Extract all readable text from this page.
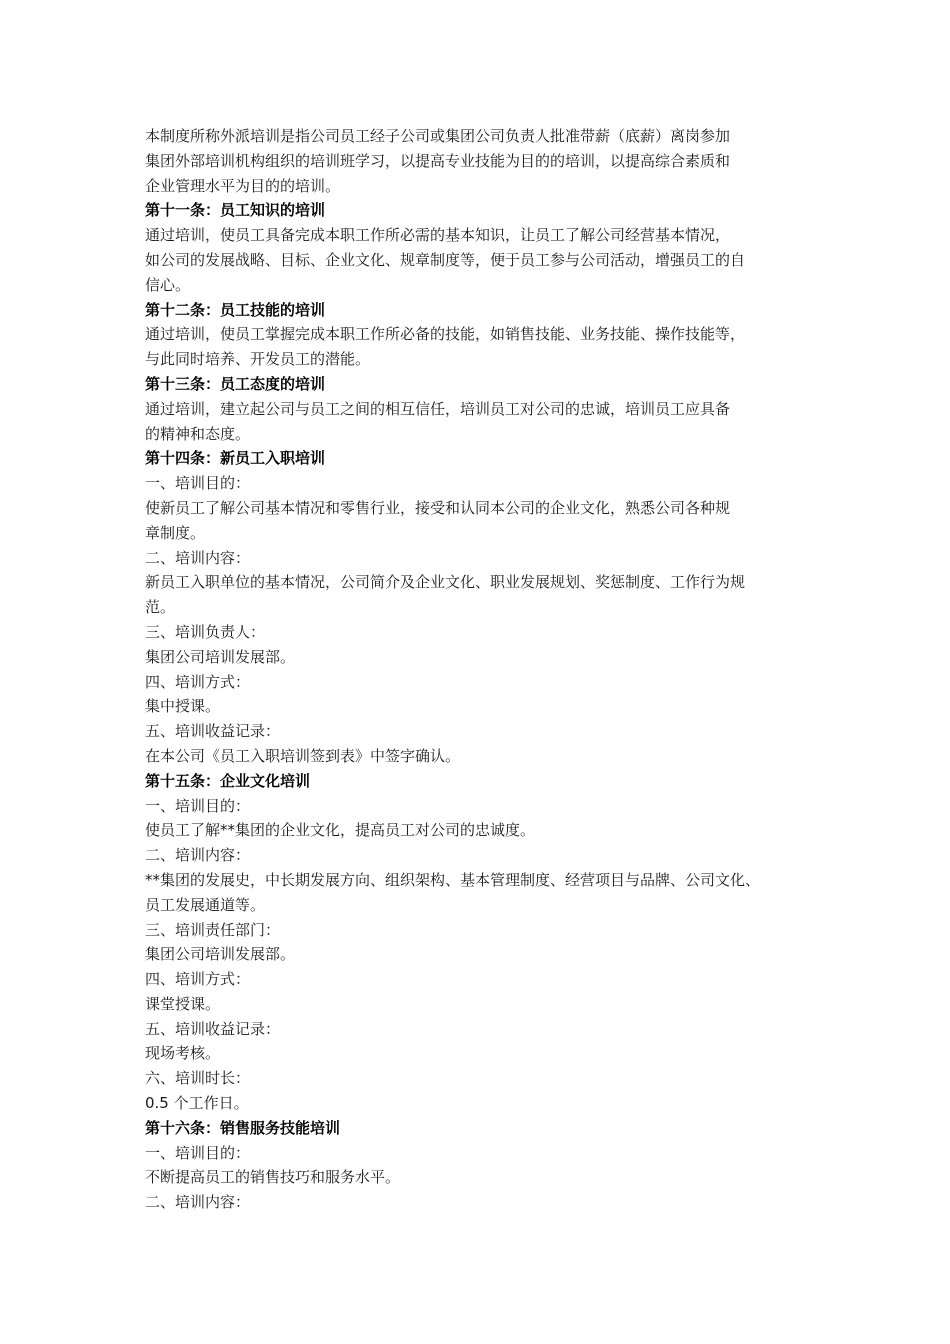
本制度所称外派培训是指公司员工经子公司或集团公司负责人批准带薪（底薪）离岗参加
集团外部培训机构组织的培训班学习，以提高专业技能为目的的培训，以提高综合素质和
企业管理水平为目的的培训。
第十一条：员工知识的培训
通过培训，使员工具备完成本职工作所必需的基本知识，让员工了解公司经营基本情况，
如公司的发展战略、目标、企业文化、规章制度等，便于员工参与公司活动，增强员工的自
信心。
第十二条：员工技能的培训
通过培训，使员工掌握完成本职工作所必备的技能，如销售技能、业务技能、操作技能等，
与此同时培养、开发员工的潜能。
第十三条：员工态度的培训
通过培训，建立起公司与员工之间的相互信任，培训员工对公司的忠诚，培训员工应具备
的精神和态度。
第十四条：新员工入职培训
一、培训目的：
使新员工了解公司基本情况和零售行业，接受和认同本公司的企业文化，熟悉公司各种规
章制度。
二、培训内容：
新员工入职单位的基本情况，公司简介及企业文化、职业发展规划、奖惩制度、工作行为规
范。
三、培训负责人：
集团公司培训发展部。
四、培训方式：
集中授课。
五、培训收益记录：
在本公司《员工入职培训签到表》中签字确认。
第十五条：企业文化培训
一、培训目的：
使员工了解**集团的企业文化，提高员工对公司的忠诚度。
二、培训内容：
**集团的发展史，中长期发展方向、组织架构、基本管理制度、经营项目与品牌、公司文化、
员工发展通道等。
三、培训责任部门：
集团公司培训发展部。
四、培训方式：
课堂授课。
五、培训收益记录：
现场考核。
六、培训时长：
0.5 个工作日。
第十六条：销售服务技能培训
一、培训目的：
不断提高员工的销售技巧和服务水平。
二、培训内容：
